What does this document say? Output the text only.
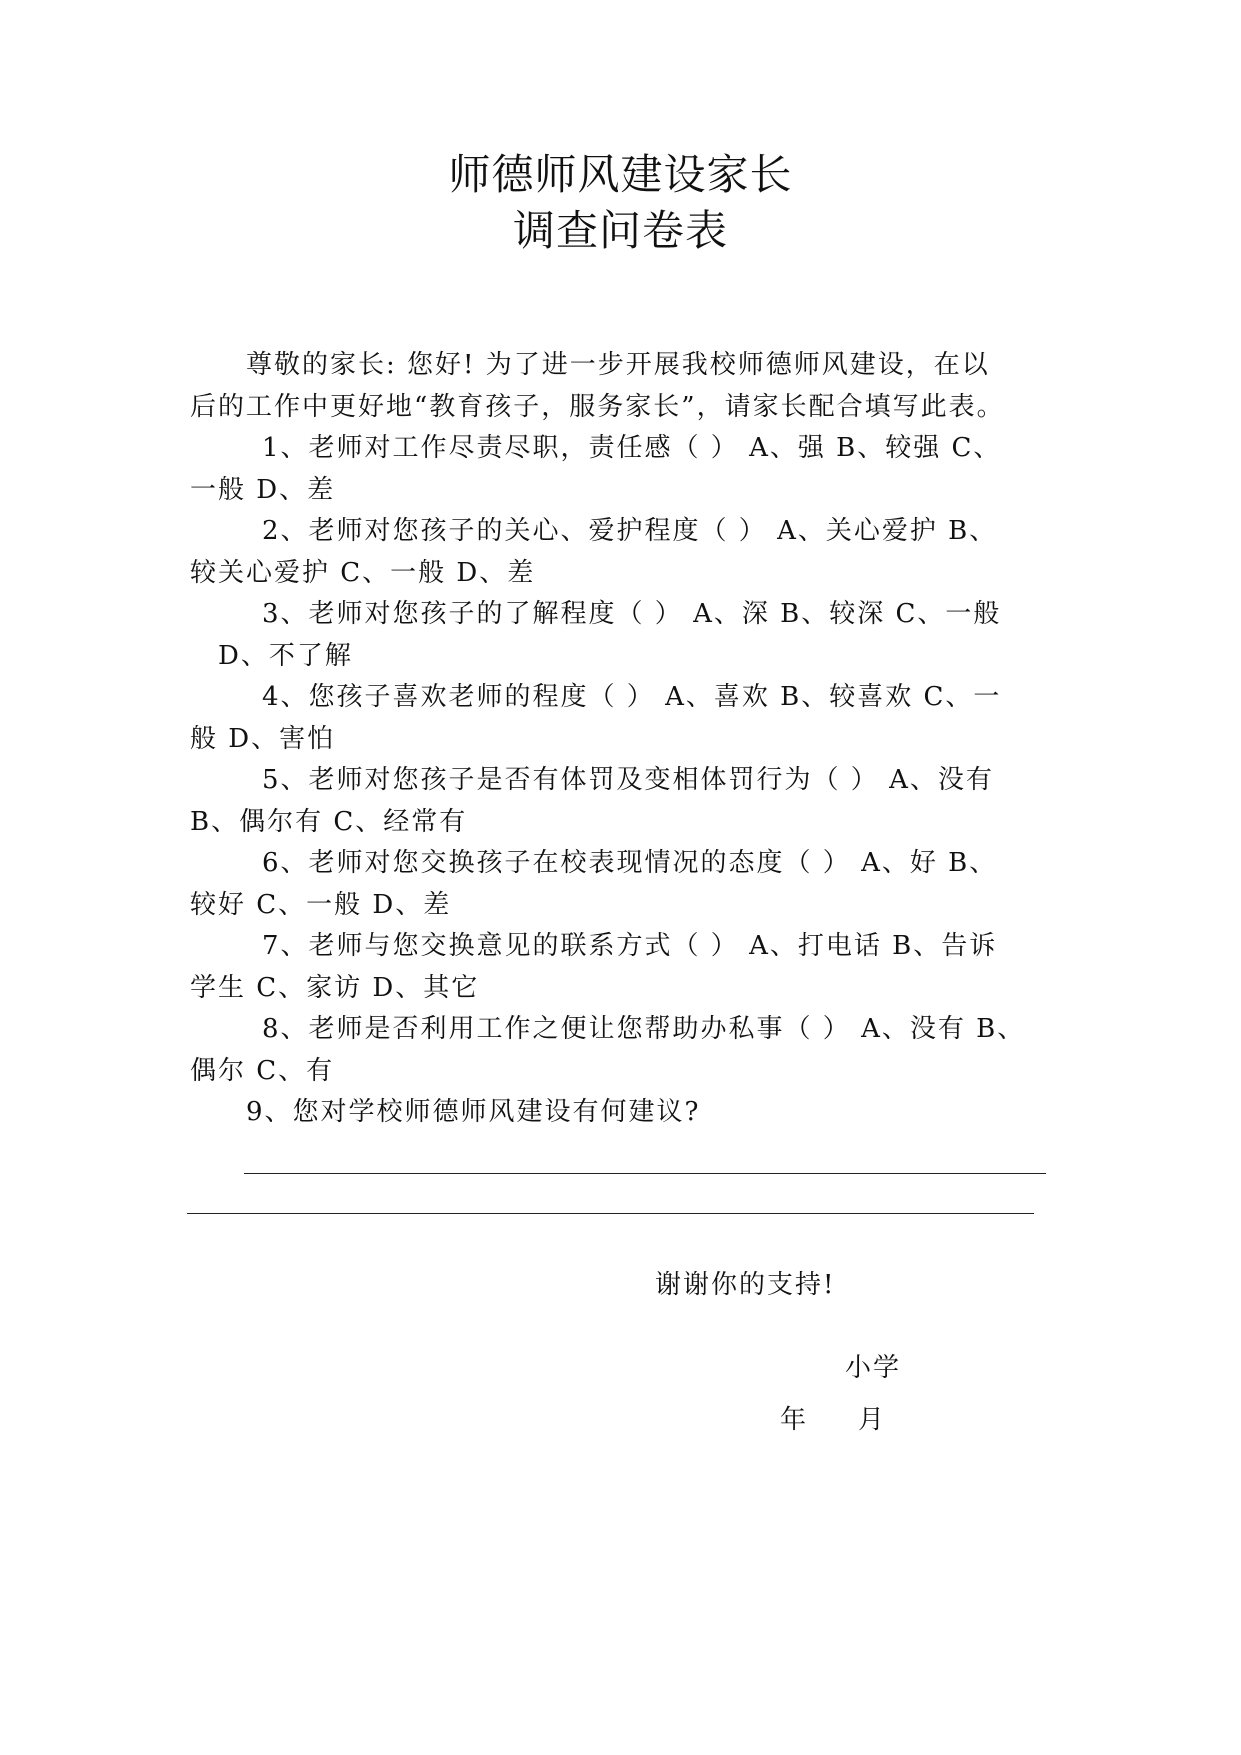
师德师风建设家长
调查问卷表
尊敬的家长: 您好! 为了进一步开展我校师德师风建设，在以
后的工作中更好地“教育孩子，服务家长”，请家长配合填写此表。
1、老师对工作尽责尽职，责任感（ ） A、强 B、较强 C、
一般 D、差
2、老师对您孩子的关心、爱护程度（ ） A、关心爱护 B、
较关心爱护 C、一般 D、差
3、老师对您孩子的了解程度（ ） A、深 B、较深 C、一般
D、不了解
4、您孩子喜欢老师的程度（ ） A、喜欢 B、较喜欢 C、一
般 D、害怕
5、老师对您孩子是否有体罚及变相体罚行为（ ） A、没有
B、偶尔有 C、经常有
6、老师对您交换孩子在校表现情况的态度（ ） A、好 B、
较好 C、一般 D、差
7、老师与您交换意见的联系方式（ ） A、打电话 B、告诉
学生 C、家访 D、其它
8、老师是否利用工作之便让您帮助办私事（ ） A、没有 B、
偶尔 C、有
9、您对学校师德师风建设有何建议?
谢谢你的支持!
小学
年 月
